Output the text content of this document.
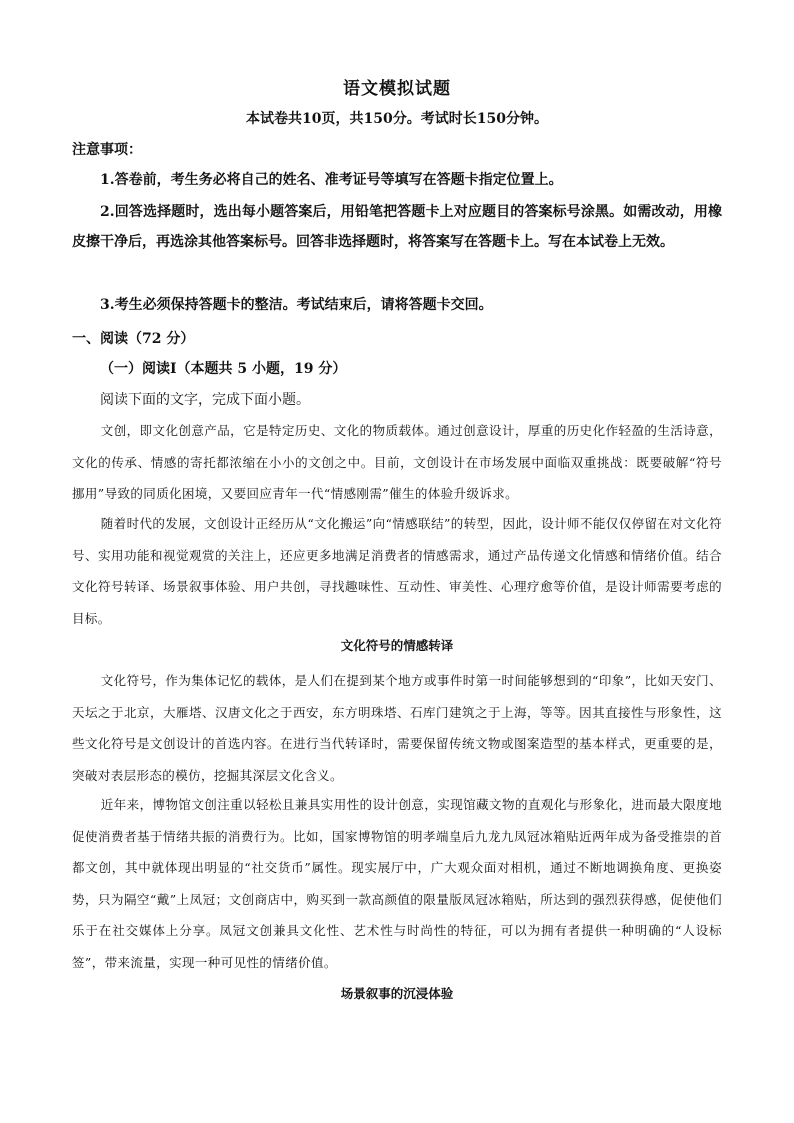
语文模拟试题
本试卷共10页，共150分。考试时长150分钟。
注意事项：
1.答卷前，考生务必将自己的姓名、准考证号等填写在答题卡指定位置上。
2.回答选择题时，选出每小题答案后，用铅笔把答题卡上对应题目的答案标号涂黑。如需改动，用橡皮擦干净后，再选涂其他答案标号。回答非选择题时，将答案写在答题卡上。写在本试卷上无效。
3.考生必须保持答题卡的整洁。考试结束后，请将答题卡交回。
一、阅读（72 分）
（一）阅读Ⅰ（本题共 5 小题，19 分）
阅读下面的文字，完成下面小题。
文创，即文化创意产品，它是特定历史、文化的物质载体。通过创意设计，厚重的历史化作轻盈的生活诗意，文化的传承、情感的寄托都浓缩在小小的文创之中。目前，文创设计在市场发展中面临双重挑战：既要破解“符号挪用”导致的同质化困境，又要回应青年一代“情感刚需”催生的体验升级诉求。
随着时代的发展，文创设计正经历从“文化搬运”向“情感联结”的转型，因此，设计师不能仅仅停留在对文化符号、实用功能和视觉观赏的关注上，还应更多地满足消费者的情感需求，通过产品传递文化情感和情绪价值。结合文化符号转译、场景叙事体验、用户共创，寻找趣味性、互动性、审美性、心理疗愈等价值，是设计师需要考虑的目标。
文化符号的情感转译
文化符号，作为集体记忆的载体，是人们在提到某个地方或事件时第一时间能够想到的“印象”，比如天安门、天坛之于北京，大雁塔、汉唐文化之于西安，东方明珠塔、石库门建筑之于上海，等等。因其直接性与形象性，这些文化符号是文创设计的首选内容。在进行当代转译时，需要保留传统文物或图案造型的基本样式，更重要的是，突破对表层形态的模仿，挖掘其深层文化含义。
近年来，博物馆文创注重以轻松且兼具实用性的设计创意，实现馆藏文物的直观化与形象化，进而最大限度地促使消费者基于情绪共振的消费行为。比如，国家博物馆的明孝端皇后九龙九凤冠冰箱贴近两年成为备受推崇的首都文创，其中就体现出明显的“社交货币”属性。现实展厅中，广大观众面对相机，通过不断地调换角度、更换姿势，只为隔空“戴”上凤冠；文创商店中，购买到一款高颜值的限量版凤冠冰箱贴，所达到的强烈获得感，促使他们乐于在社交媒体上分享。凤冠文创兼具文化性、艺术性与时尚性的特征，可以为拥有者提供一种明确的“人设标签”，带来流量，实现一种可见性的情绪价值。
场景叙事的沉浸体验
